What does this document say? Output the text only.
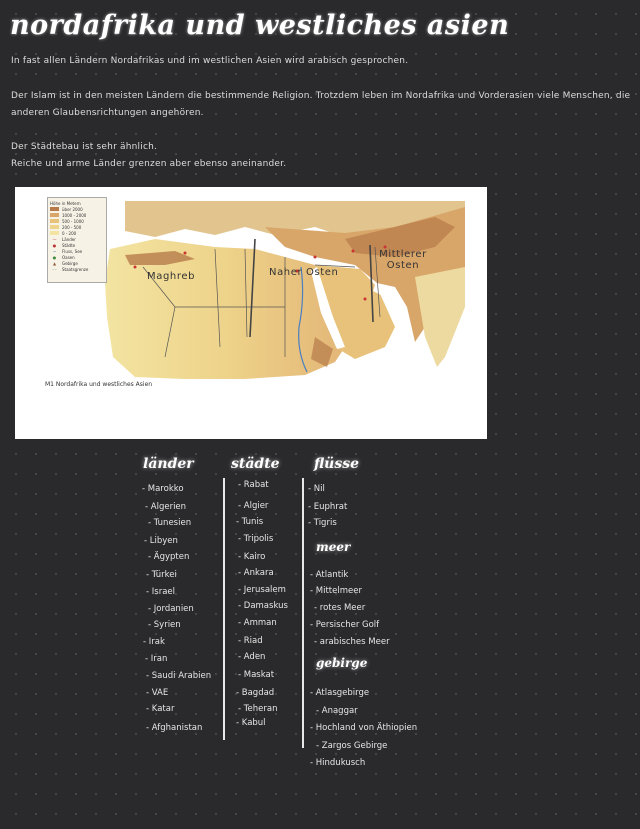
nordafrika und westliches asien

In fast allen Ländern Nordafrikas und im westlichen Asien wird arabisch gesprochen.

Der Islam ist in den meisten Ländern die bestimmende Religion. Trotzdem leben im Nordafrika und Vorderasien viele Menschen, die

anderen Glaubensrichtungen angehören.

Der Städtebau ist sehr ähnlich.

Reiche und arme Länder grenzen aber ebenso aneinander.

Höhe in Metern
über 2000
1000 - 2000
500 - 1000
200 - 500
0 - 200
—	Länder
●	Städte
~	Fluss, See
●	Oasen
▲	Gebirge
- -	Staatsgrenze
Maghreb	Naher Osten
Mittlerer Osten
M1 Nordafrika und westliches Asien
länder	städte flüsse
- Marokko
- Algerien
- Tunesien
- Libyen
- Ägypten
- Türkei
- Israel
- Jordanien
- Syrien
- Irak
- Iran
- Saudi Arabien
- VAE
- Katar
- Afghanistan
- Rabat
- Algier
- Tunis
- Tripolis
- Kairo
- Ankara
- Jerusalem
- Damaskus
- Amman
- Riad
- Aden
- Maskat
- Bagdad
- Teheran
- Kabul
- Nil
- Euphrat
- Tigris
meer
- Atlantik
- Mittelmeer
- rotes Meer
- Persischer Golf
- arabisches Meer
gebirge
- Atlasgebirge
- Anaggar
- Hochland von Äthiopien
- Zargos Gebirge
- Hindukusch
